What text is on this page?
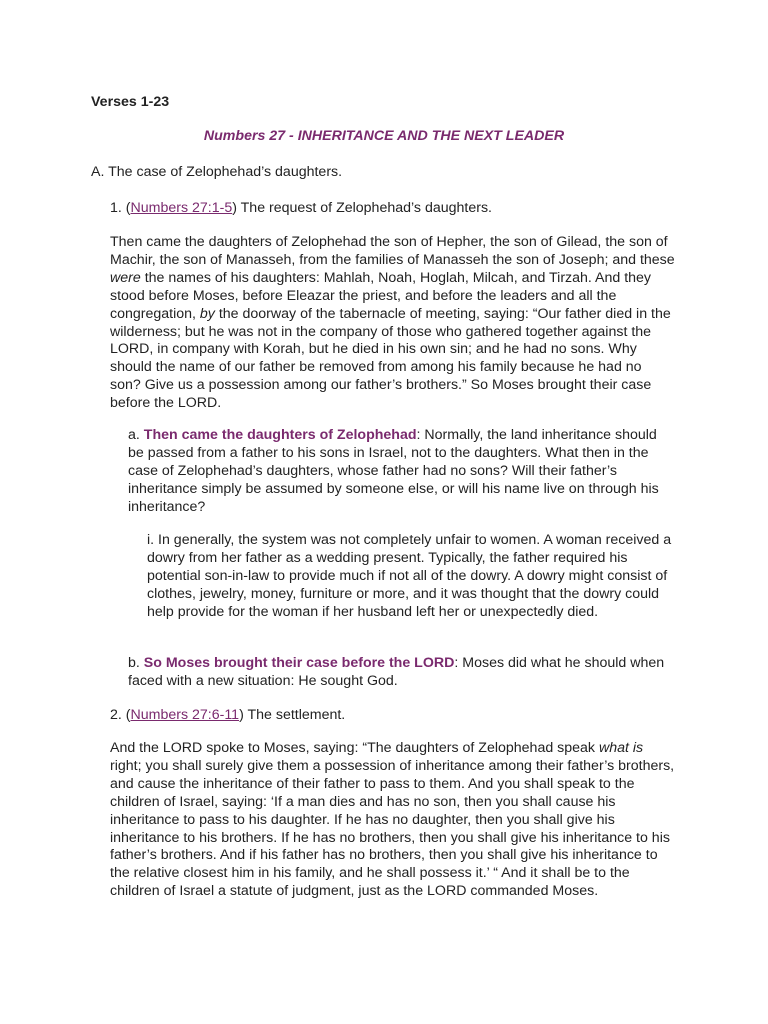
Verses 1-23

Numbers 27 - INHERITANCE AND THE NEXT LEADER

A. The case of Zelophehad’s daughters.

1. (Numbers 27:1-5) The request of Zelophehad’s daughters.

Then came the daughters of Zelophehad the son of Hepher, the son of Gilead, the son of Machir, the son of Manasseh, from the families of Manasseh the son of Joseph; and these were the names of his daughters: Mahlah, Noah, Hoglah, Milcah, and Tirzah. And they stood before Moses, before Eleazar the priest, and before the leaders and all the congregation, by the doorway of the tabernacle of meeting, saying: “Our father died in the wilderness; but he was not in the company of those who gathered together against the LORD, in company with Korah, but he died in his own sin; and he had no sons. Why should the name of our father be removed from among his family because he had no son? Give us a possession among our father’s brothers.” So Moses brought their case before the LORD.

a. Then came the daughters of Zelophehad: Normally, the land inheritance should be passed from a father to his sons in Israel, not to the daughters. What then in the case of Zelophehad’s daughters, whose father had no sons? Will their father’s inheritance simply be assumed by someone else, or will his name live on through his inheritance?

i. In generally, the system was not completely unfair to women. A woman received a dowry from her father as a wedding present. Typically, the father required his potential son-in-law to provide much if not all of the dowry. A dowry might consist of clothes, jewelry, money, furniture or more, and it was thought that the dowry could help provide for the woman if her husband left her or unexpectedly died.

b. So Moses brought their case before the LORD: Moses did what he should when faced with a new situation: He sought God.

2. (Numbers 27:6-11) The settlement.

And the LORD spoke to Moses, saying: “The daughters of Zelophehad speak what is right; you shall surely give them a possession of inheritance among their father’s brothers, and cause the inheritance of their father to pass to them. And you shall speak to the children of Israel, saying: ‘If a man dies and has no son, then you shall cause his inheritance to pass to his daughter. If he has no daughter, then you shall give his inheritance to his brothers. If he has no brothers, then you shall give his inheritance to his father’s brothers. And if his father has no brothers, then you shall give his inheritance to the relative closest him in his family, and he shall possess it.’ “ And it shall be to the children of Israel a statute of judgment, just as the LORD commanded Moses.
